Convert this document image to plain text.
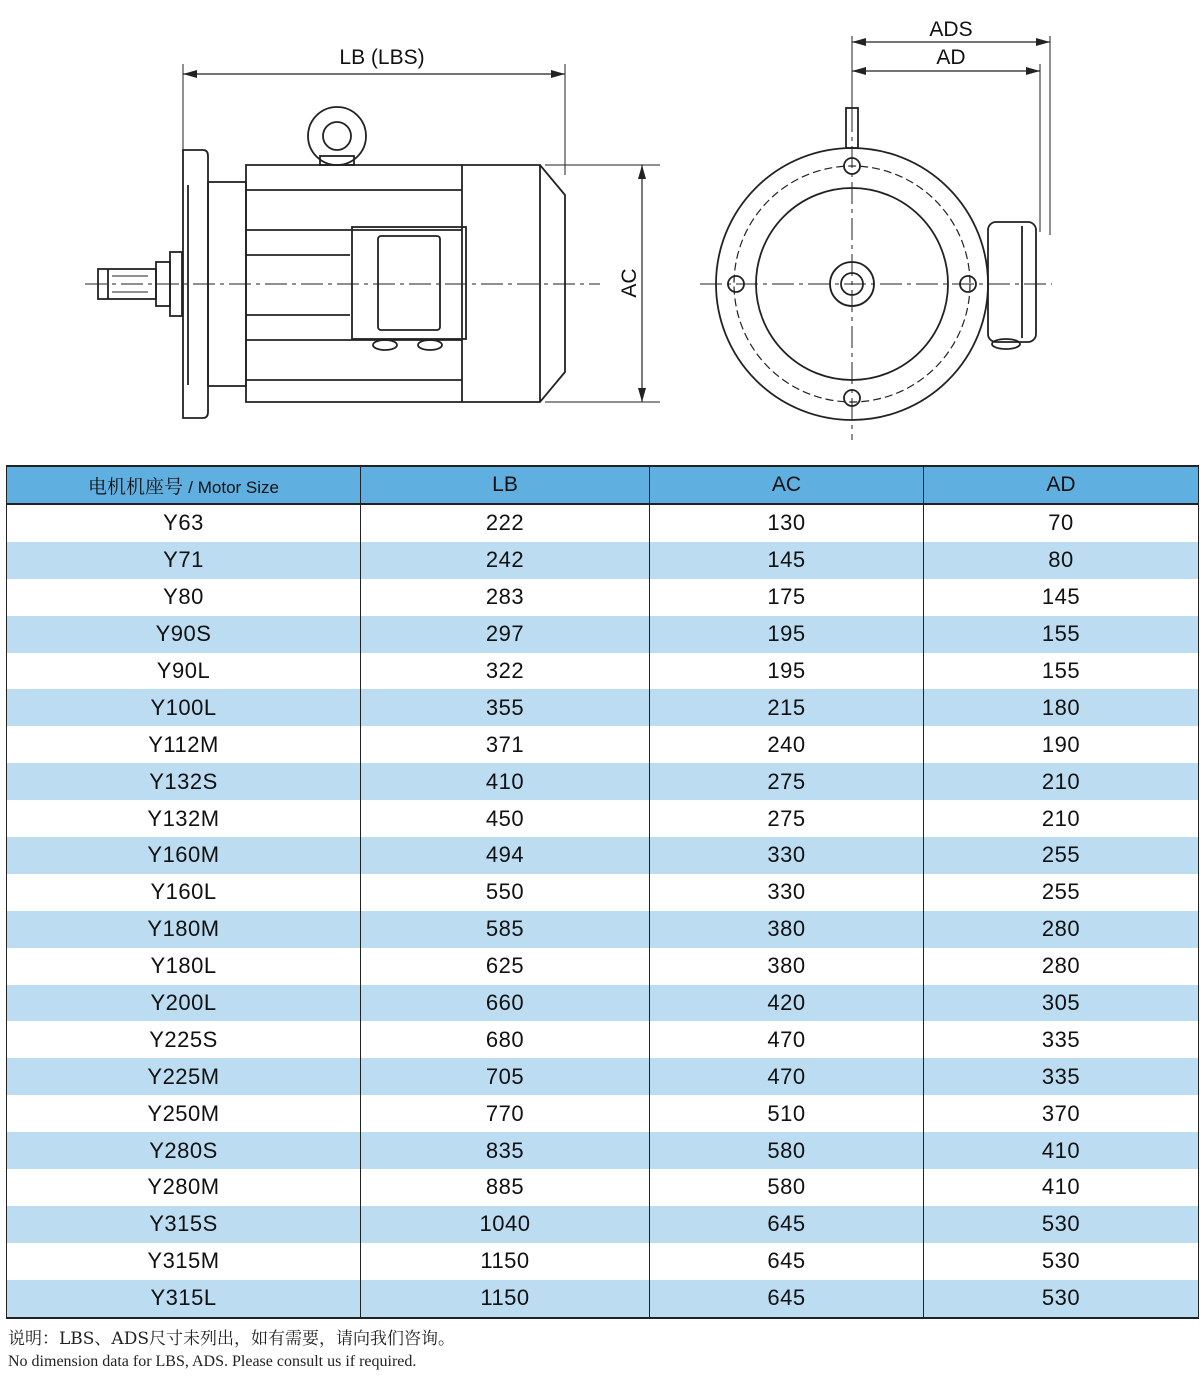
LB (LBS)
AC
ADS
AD
电机机座号 / Motor Size	LB	AC	AD
Y63	222	130	70
Y71	242	145	80
Y80	283	175	145
Y90S	297	195	155
Y90L	322	195	155
Y100L	355	215	180
Y112M	371	240	190
Y132S	410	275	210
Y132M	450	275	210
Y160M	494	330	255
Y160L	550	330	255
Y180M	585	380	280
Y180L	625	380	280
Y200L	660	420	305
Y225S	680	470	335
Y225M	705	470	335
Y250M	770	510	370
Y280S	835	580	410
Y280M	885	580	410
Y315S	1040	645	530
Y315M	1150	645	530
Y315L	1150	645	530
说明：LBS、ADS尺寸未列出，如有需要，请向我们咨询。
No dimension data for LBS, ADS. Please consult us if required.
